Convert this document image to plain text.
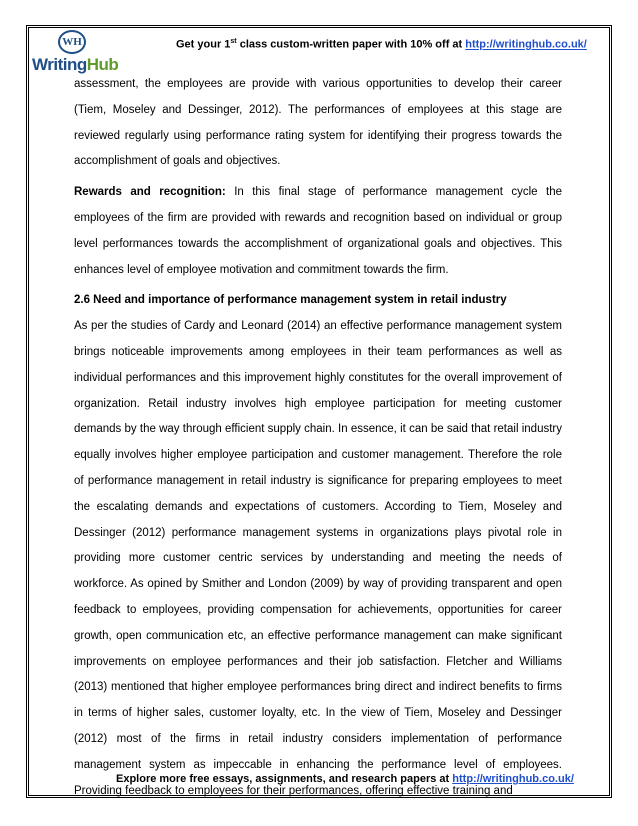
WH
WritingHub
Get your 1st class custom-written paper with 10% off at http://writinghub.co.uk/

assessment, the employees are provide with various opportunities to develop their career (Tiem, Moseley and Dessinger, 2012). The performances of employees at this stage are reviewed regularly using performance rating system for identifying their progress towards the accomplishment of goals and objectives.

Rewards and recognition: In this final stage of performance management cycle the employees of the firm are provided with rewards and recognition based on individual or group level performances towards the accomplishment of organizational goals and objectives. This enhances level of employee motivation and commitment towards the firm.

2.6 Need and importance of performance management system in retail industry

As per the studies of Cardy and Leonard (2014) an effective performance management system brings noticeable improvements among employees in their team performances as well as individual performances and this improvement highly constitutes for the overall improvement of organization. Retail industry involves high employee participation for meeting customer demands by the way through efficient supply chain. In essence, it can be said that retail industry equally involves higher employee participation and customer management. Therefore the role of performance management in retail industry is significance for preparing employees to meet the escalating demands and expectations of customers. According to Tiem, Moseley and Dessinger (2012) performance management systems in organizations plays pivotal role in providing more customer centric services by understanding and meeting the needs of workforce. As opined by Smither and London (2009) by way of providing transparent and open feedback to employees, providing compensation for achievements, opportunities for career growth, open communication etc, an effective performance management can make significant improvements on employee performances and their job satisfaction. Fletcher and Williams (2013) mentioned that higher employee performances bring direct and indirect benefits to firms in terms of higher sales, customer loyalty, etc. In the view of Tiem, Moseley and Dessinger (2012) most of the firms in retail industry considers implementation of performance management system as impeccable in enhancing the performance level of employees. Providing feedback to employees for their performances, offering effective training and

Explore more free essays, assignments, and research papers at http://writinghub.co.uk/
